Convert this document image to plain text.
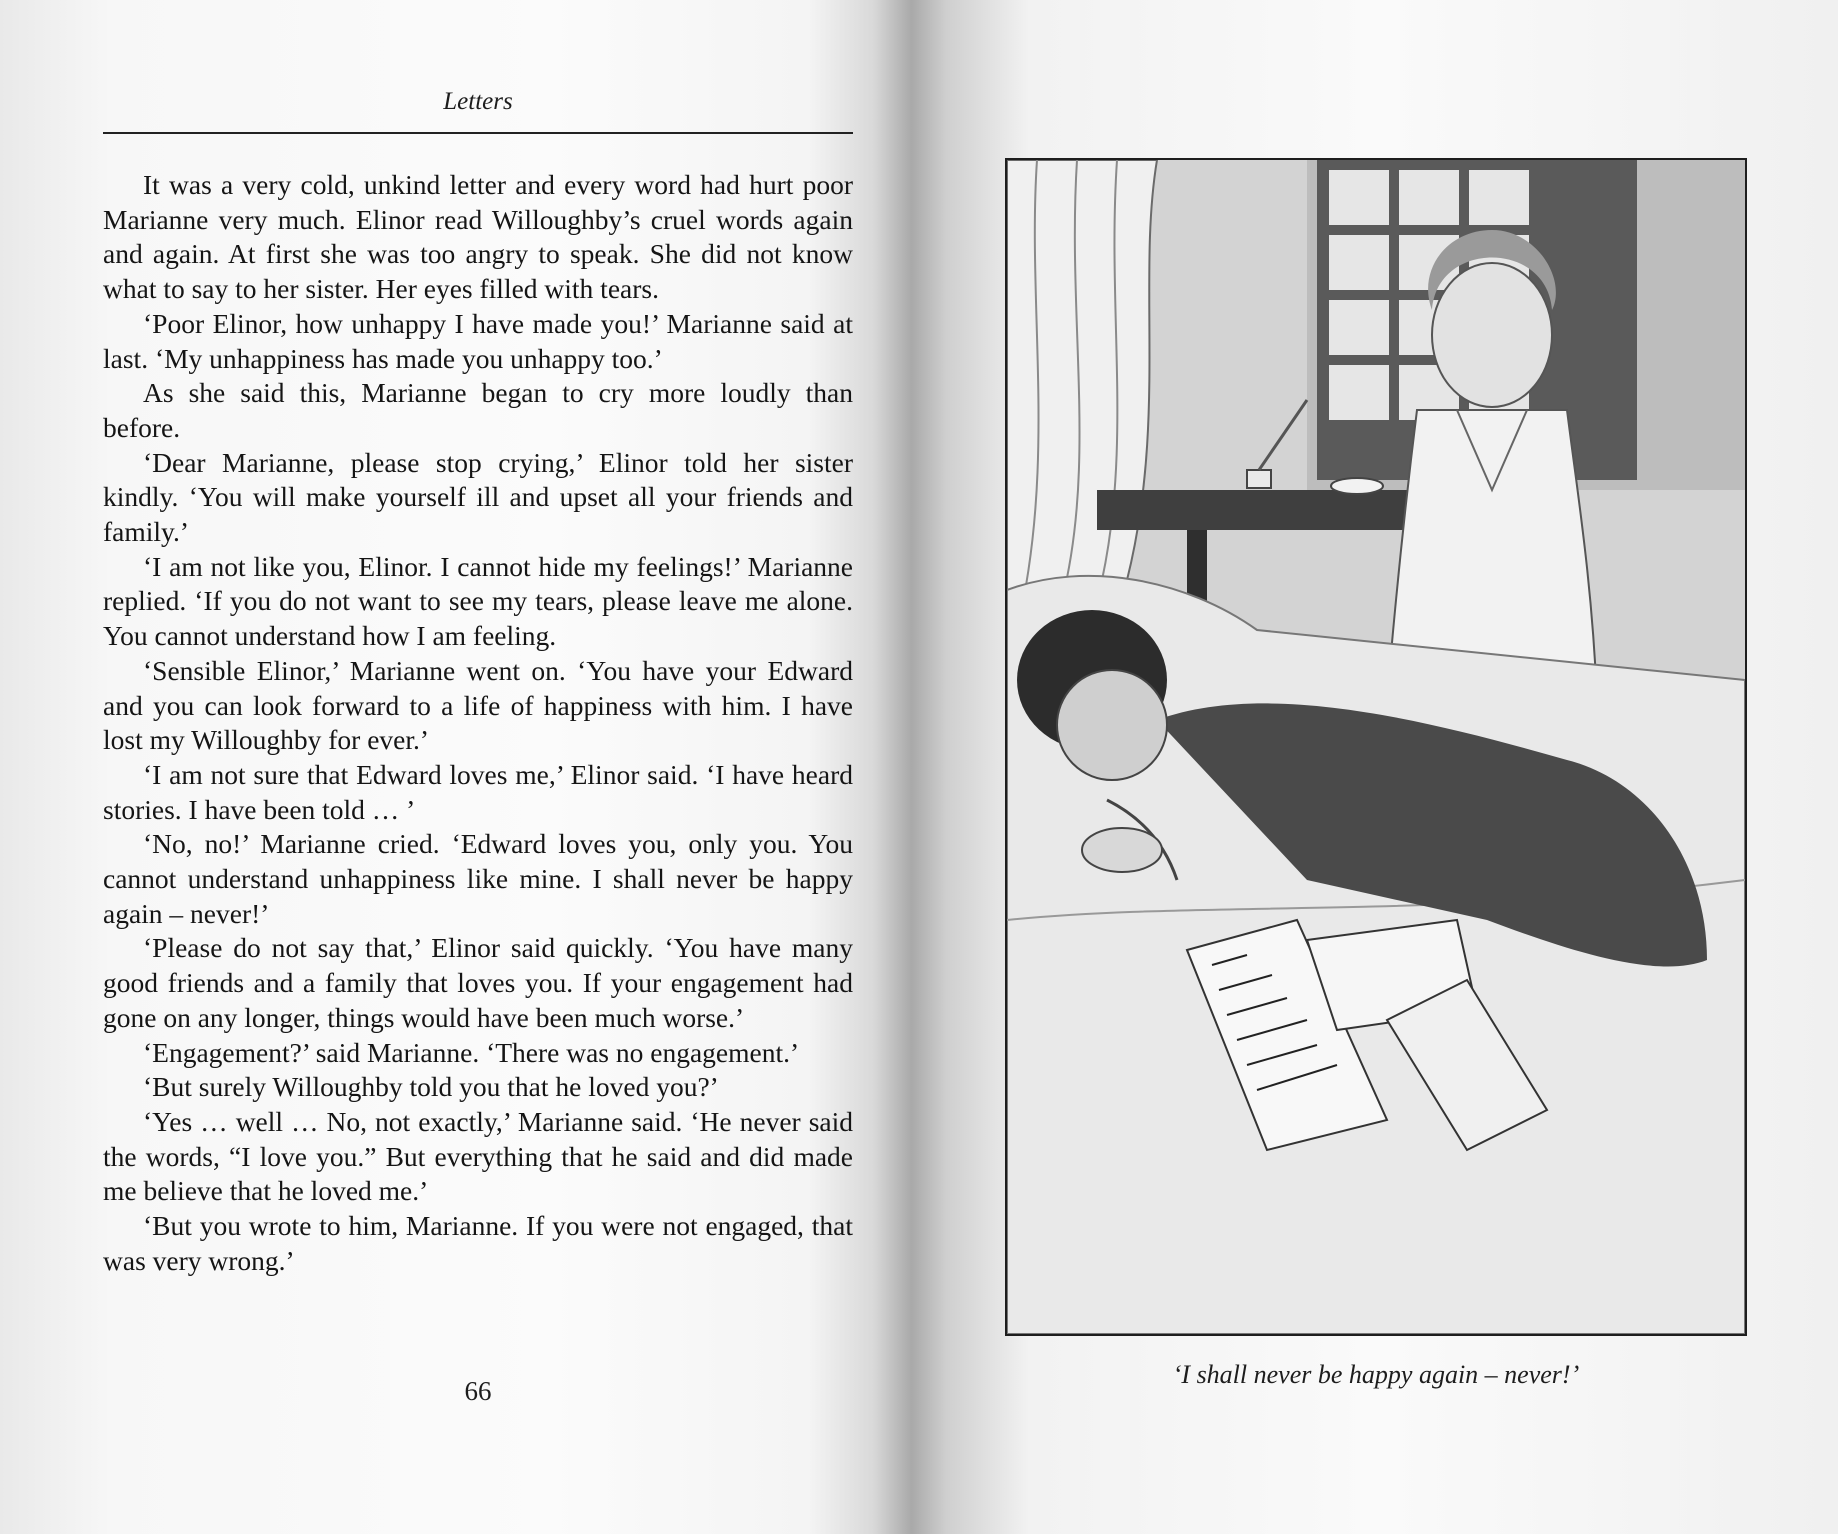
Letters

It was a very cold, unkind letter and every word had hurt poor Marianne very much. Elinor read Willoughby’s cruel words again and again. At first she was too angry to speak. She did not know what to say to her sister. Her eyes filled with tears.

‘Poor Elinor, how unhappy I have made you!’ Marianne said at last. ‘My unhappiness has made you unhappy too.’

As she said this, Marianne began to cry more loudly than before.

‘Dear Marianne, please stop crying,’ Elinor told her sister kindly. ‘You will make yourself ill and upset all your friends and family.’

‘I am not like you, Elinor. I cannot hide my feelings!’ Marianne replied. ‘If you do not want to see my tears, please leave me alone. You cannot understand how I am feeling.

‘Sensible Elinor,’ Marianne went on. ‘You have your Edward and you can look forward to a life of happiness with him. I have lost my Willoughby for ever.’

‘I am not sure that Edward loves me,’ Elinor said. ‘I have heard stories. I have been told … ’

‘No, no!’ Marianne cried. ‘Edward loves you, only you. You cannot understand unhappiness like mine. I shall never be happy again – never!’

‘Please do not say that,’ Elinor said quickly. ‘You have many good friends and a family that loves you. If your engagement had gone on any longer, things would have been much worse.’

‘Engagement?’ said Marianne. ‘There was no engagement.’

‘But surely Willoughby told you that he loved you?’

‘Yes … well … No, not exactly,’ Marianne said. ‘He never said the words, “I love you.” But everything that he said and did made me believe that he loved me.’

‘But you wrote to him, Marianne. If you were not engaged, that was very wrong.’

66
‘I shall never be happy again – never!’
